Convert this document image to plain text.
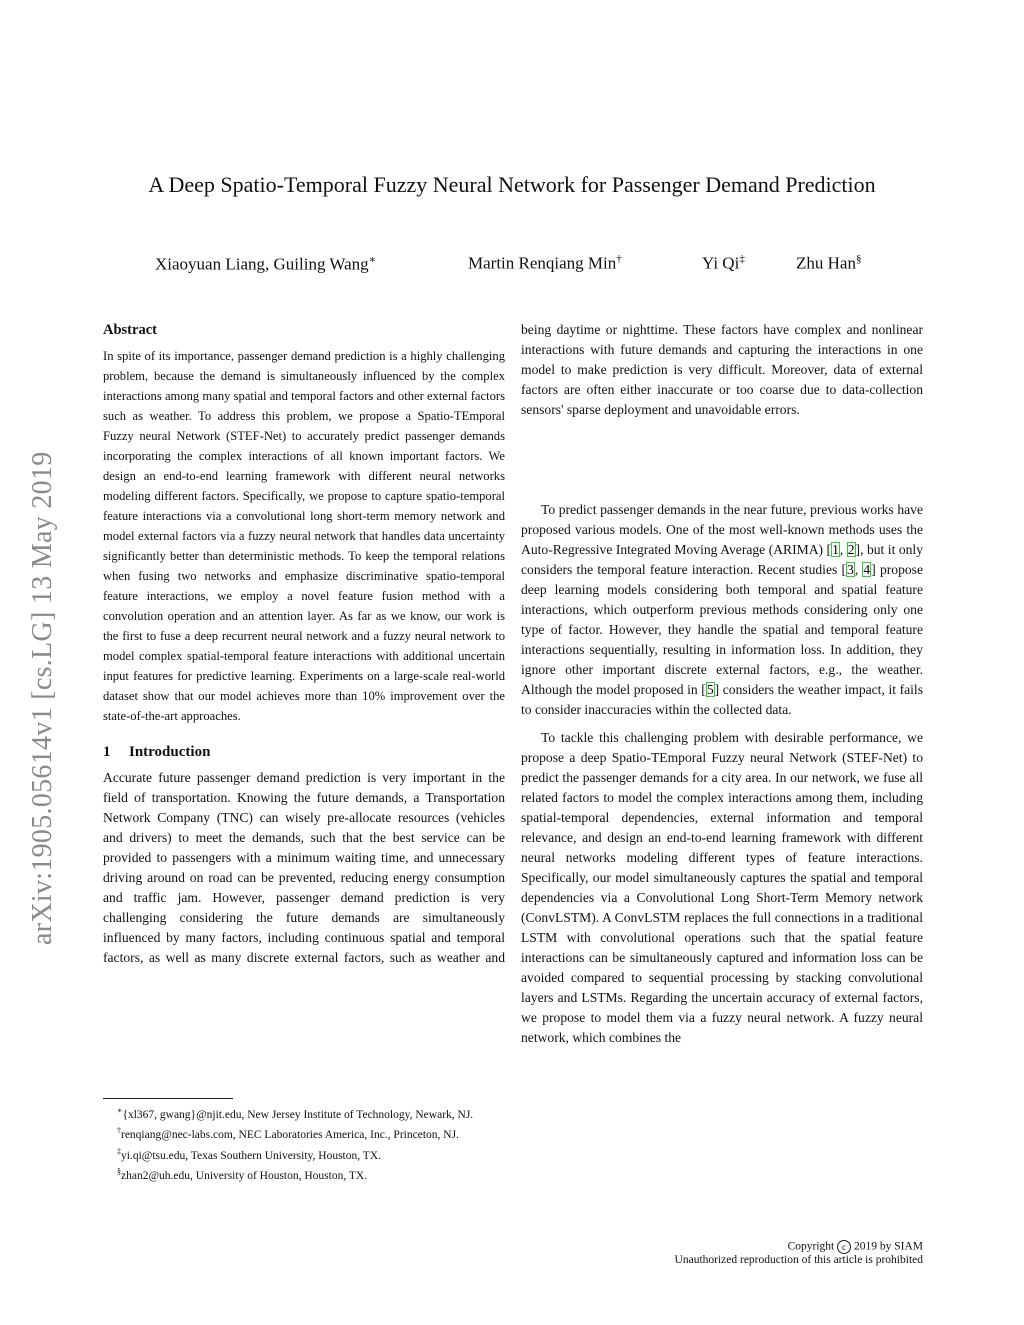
arXiv:1905.05614v1 [cs.LG] 13 May 2019
A Deep Spatio-Temporal Fuzzy Neural Network for Passenger Demand Prediction
Xiaoyuan Liang, Guiling Wang∗	Martin Renqiang Min†	Yi Qi‡	Zhu Han§
Abstract

In spite of its importance, passenger demand prediction is a highly challenging problem, because the demand is simultaneously influenced by the complex interactions among many spatial and temporal factors and other external factors such as weather. To address this problem, we propose a Spatio-TEmporal Fuzzy neural Network (STEF-Net) to accurately predict passenger demands incorporating the complex interactions of all known important factors. We design an end-to-end learning framework with different neural networks modeling different factors. Specifically, we propose to capture spatio-temporal feature interactions via a convolutional long short-term memory network and model external factors via a fuzzy neural network that handles data uncertainty significantly better than deterministic methods. To keep the temporal relations when fusing two networks and emphasize discriminative spatio-temporal feature interactions, we employ a novel feature fusion method with a convolution operation and an attention layer. As far as we know, our work is the first to fuse a deep recurrent neural network and a fuzzy neural network to model complex spatial-temporal feature interactions with additional uncertain input features for predictive learning. Experiments on a large-scale real-world dataset show that our model achieves more than 10% improvement over the state-of-the-art approaches.

1 Introduction

Accurate future passenger demand prediction is very important in the field of transportation. Knowing the future demands, a Transportation Network Company (TNC) can wisely pre-allocate resources (vehicles and drivers) to meet the demands, such that the best service can be provided to passengers with a minimum waiting time, and unnecessary driving around on road can be prevented, reducing energy consumption and traffic jam. However, passenger demand prediction is very challenging considering the future demands are simultaneously influenced by many factors, including continuous spatial and temporal factors, as well as many discrete external factors, such as weather and

being daytime or nighttime. These factors have complex and nonlinear interactions with future demands and capturing the interactions in one model to make prediction is very difficult. Moreover, data of external factors are often either inaccurate or too coarse due to data-collection sensors' sparse deployment and unavoidable errors.

To predict passenger demands in the near future, previous works have proposed various models. One of the most well-known methods uses the Auto-Regressive Integrated Moving Average (ARIMA) [1, 2], but it only considers the temporal feature interaction. Recent studies [3, 4] propose deep learning models considering both temporal and spatial feature interactions, which outperform previous methods considering only one type of factor. However, they handle the spatial and temporal feature interactions sequentially, resulting in information loss. In addition, they ignore other important discrete external factors, e.g., the weather. Although the model proposed in [5] considers the weather impact, it fails to consider inaccuracies within the collected data.

To tackle this challenging problem with desirable performance, we propose a deep Spatio-TEmporal Fuzzy neural Network (STEF-Net) to predict the passenger demands for a city area. In our network, we fuse all related factors to model the complex interactions among them, including spatial-temporal dependencies, external information and temporal relevance, and design an end-to-end learning framework with different neural networks modeling different types of feature interactions. Specifically, our model simultaneously captures the spatial and temporal dependencies via a Convolutional Long Short-Term Memory network (ConvLSTM). A ConvLSTM replaces the full connections in a traditional LSTM with convolutional operations such that the spatial feature interactions can be simultaneously captured and information loss can be avoided compared to sequential processing by stacking convolutional layers and LSTMs. Regarding the uncertain accuracy of external factors, we propose to model them via a fuzzy neural network. A fuzzy neural network, which combines the

∗{xl367, gwang}@njit.edu, New Jersey Institute of Technology, Newark, NJ.

†renqiang@nec-labs.com, NEC Laboratories America, Inc., Princeton, NJ.

‡yi.qi@tsu.edu, Texas Southern University, Houston, TX.

§zhan2@uh.edu, University of Houston, Houston, TX.

Copyright c 2019 by SIAM
Unauthorized reproduction of this article is prohibited
